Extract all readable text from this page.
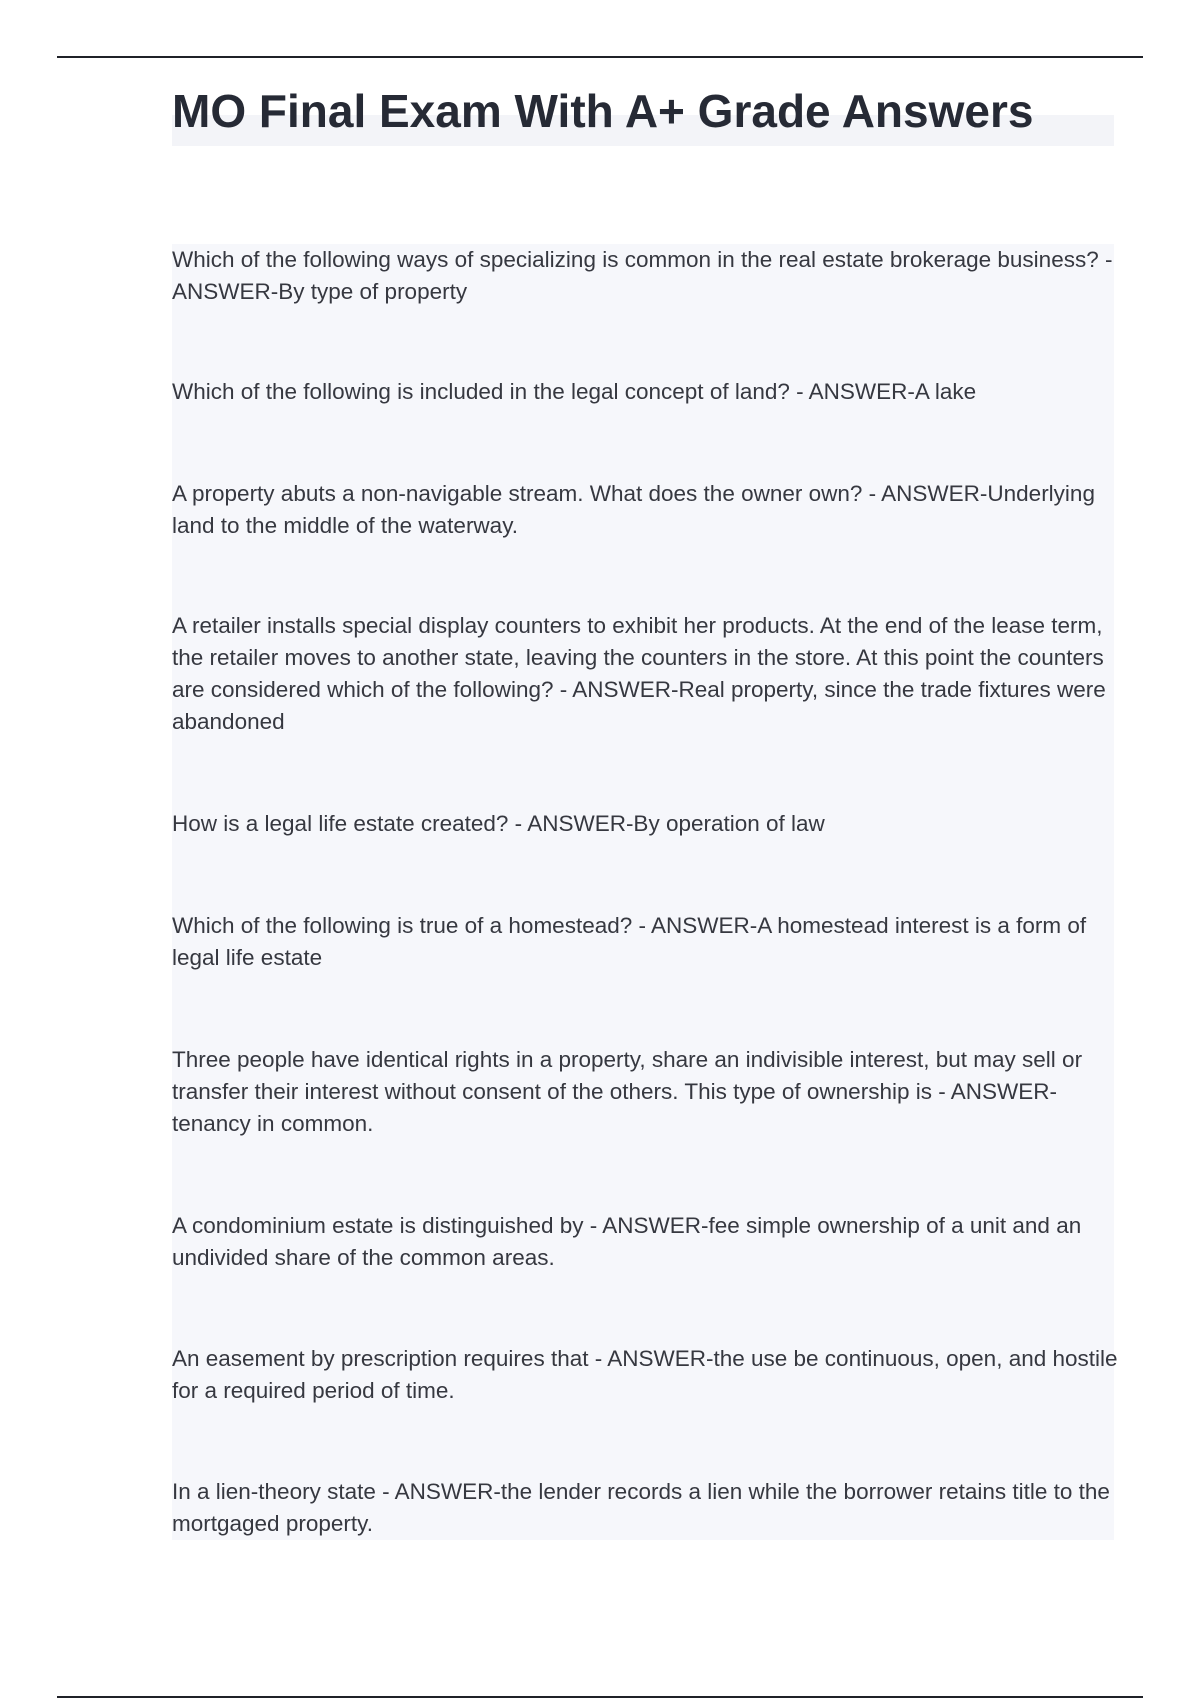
MO Final Exam With A+ Grade Answers

Which of the following ways of specializing is common in the real estate brokerage business? - ANSWER-By type of property

Which of the following is included in the legal concept of land? - ANSWER-A lake

A property abuts a non-navigable stream. What does the owner own? - ANSWER-Underlying land to the middle of the waterway.

A retailer installs special display counters to exhibit her products. At the end of the lease term, the retailer moves to another state, leaving the counters in the store. At this point the counters are considered which of the following? - ANSWER-Real property, since the trade fixtures were abandoned

How is a legal life estate created? - ANSWER-By operation of law

Which of the following is true of a homestead? - ANSWER-A homestead interest is a form of legal life estate

Three people have identical rights in a property, share an indivisible interest, but may sell or transfer their interest without consent of the others. This type of ownership is - ANSWER-tenancy in common.

A condominium estate is distinguished by - ANSWER-fee simple ownership of a unit and an undivided share of the common areas.

An easement by prescription requires that - ANSWER-the use be continuous, open, and hostile for a required period of time.

In a lien-theory state - ANSWER-the lender records a lien while the borrower retains title to the mortgaged property.
